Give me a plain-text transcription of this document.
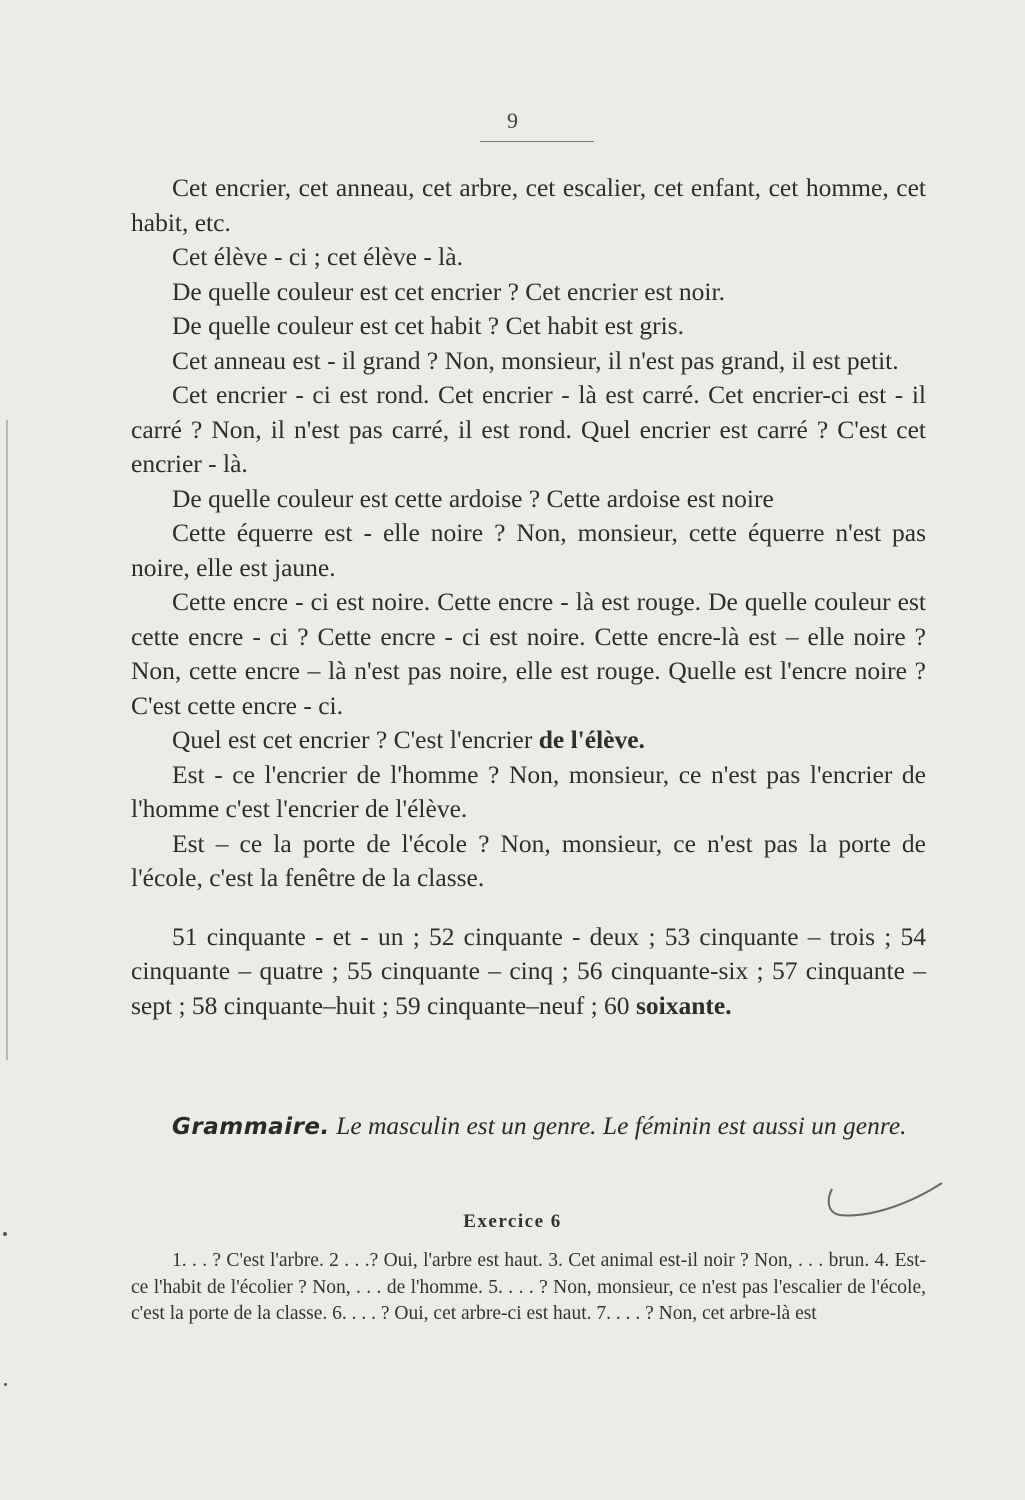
9

Cet encrier, cet anneau, cet arbre, cet escalier, cet enfant, cet homme, cet habit, etc.

Cet élève - ci ; cet élève - là.

De quelle couleur est cet encrier ? Cet encrier est noir.

De quelle couleur est cet habit ? Cet habit est gris.

Cet anneau est - il grand ? Non, monsieur, il n'est pas grand, il est petit.

Cet encrier - ci est rond. Cet encrier - là est carré. Cet encrier-ci est - il carré ? Non, il n'est pas carré, il est rond. Quel encrier est carré ? C'est cet encrier - là.

De quelle couleur est cette ardoise ? Cette ardoise est noire

Cette équerre est - elle noire ? Non, monsieur, cette équerre n'est pas noire, elle est jaune.

Cette encre - ci est noire. Cette encre - là est rouge. De quelle couleur est cette encre - ci ? Cette encre - ci est noire. Cette encre-là est – elle noire ? Non, cette encre – là n'est pas noire, elle est rouge. Quelle est l'encre noire ? C'est cette encre - ci.

Quel est cet encrier ? C'est l'encrier de l'élève.

Est - ce l'encrier de l'homme ? Non, monsieur, ce n'est pas l'encrier de l'homme c'est l'encrier de l'élève.

Est – ce la porte de l'école ? Non, monsieur, ce n'est pas la porte de l'école, c'est la fenêtre de la classe.

51 cinquante - et - un ; 52 cinquante - deux ; 53 cinquante – trois ; 54 cinquante – quatre ; 55 cinquante – cinq ; 56 cinquante-six ; 57 cinquante – sept ; 58 cinquante–huit ; 59 cinquante–neuf ; 60 soixante.

Grammaire. Le masculin est un genre. Le féminin est aussi un genre.
Exercice 6
1. . . ? C'est l'arbre. 2 . . .? Oui, l'arbre est haut. 3. Cet animal est-il noir ? Non, . . . brun. 4. Est-ce l'habit de l'écolier ? Non, . . . de l'homme. 5. . . . ? Non, monsieur, ce n'est pas l'escalier de l'école, c'est la porte de la classe. 6. . . . ? Oui, cet arbre-ci est haut. 7. . . . ? Non, cet arbre-là est
